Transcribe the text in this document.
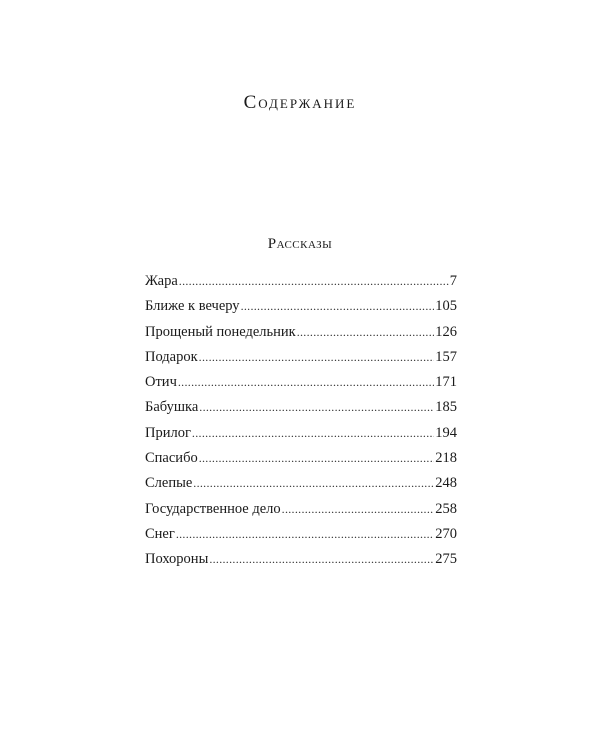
Содержание
Рассказы
Жара .....	7
Ближе к вечеру .....	105
Прощеный понедельник .....	126
Подарок .....	157
Отич .....	171
Бабушка .....	185
Прилог .....	194
Спасибо .....	218
Слепые .....	248
Государственное дело .....	258
Снег .....	270
Похороны .....	275
